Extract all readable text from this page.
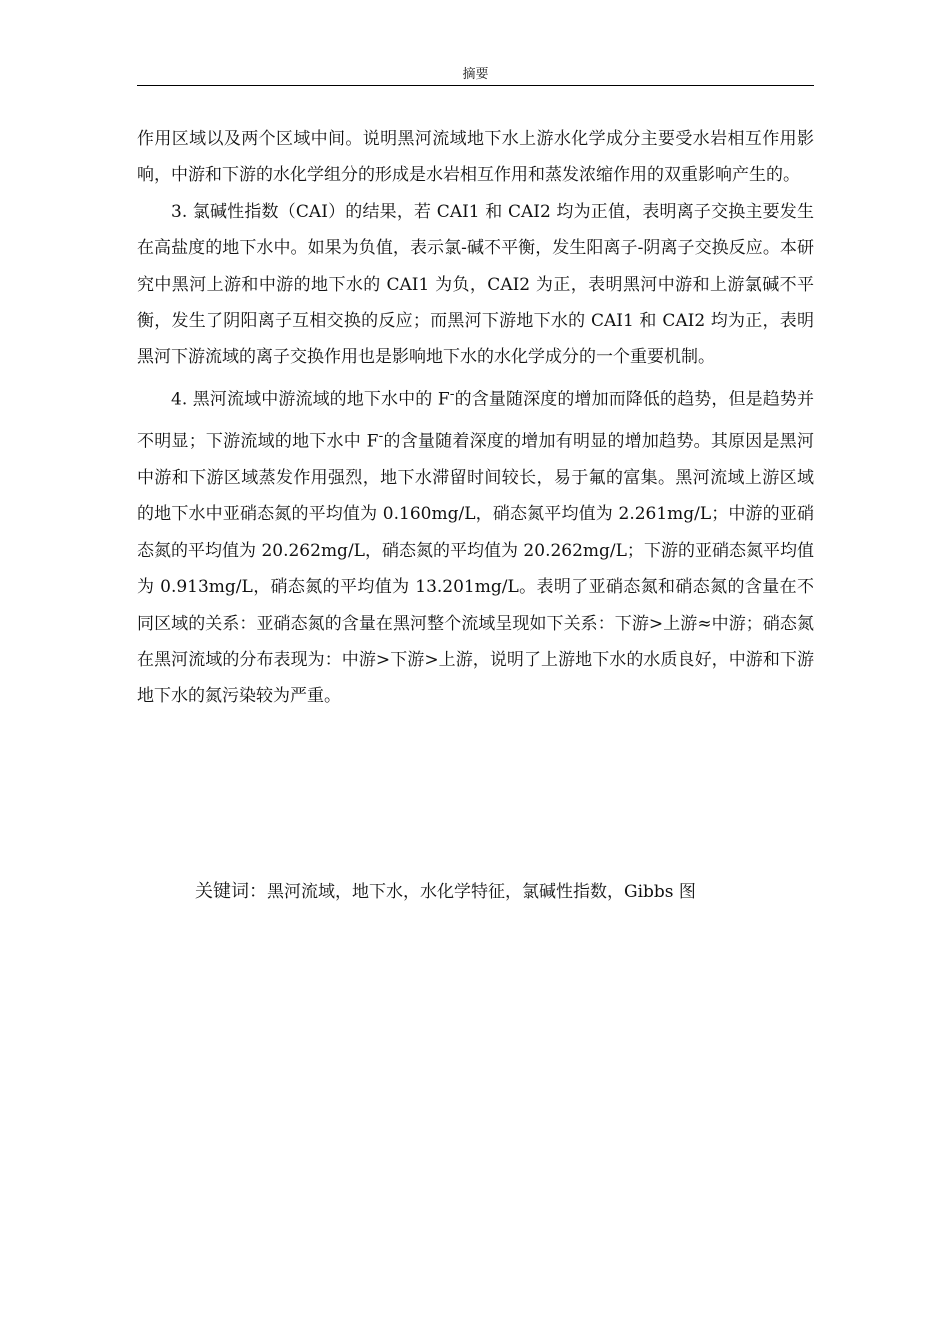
摘要

作用区域以及两个区域中间。说明黑河流域地下水上游水化学成分主要受水岩相互作用影响，中游和下游的水化学组分的形成是水岩相互作用和蒸发浓缩作用的双重影响产生的。

3. 氯碱性指数（CAI）的结果，若 CAI1 和 CAI2 均为正值，表明离子交换主要发生在高盐度的地下水中。如果为负值，表示氯-碱不平衡，发生阳离子-阴离子交换反应。本研究中黑河上游和中游的地下水的 CAI1 为负，CAI2 为正，表明黑河中游和上游氯碱不平衡，发生了阴阳离子互相交换的反应；而黑河下游地下水的 CAI1 和 CAI2 均为正，表明黑河下游流域的离子交换作用也是影响地下水的水化学成分的一个重要机制。

4. 黑河流域中游流域的地下水中的 F-的含量随深度的增加而降低的趋势，但是趋势并不明显；下游流域的地下水中 F-的含量随着深度的增加有明显的增加趋势。其原因是黑河中游和下游区域蒸发作用强烈，地下水滞留时间较长，易于氟的富集。黑河流域上游区域的地下水中亚硝态氮的平均值为 0.160mg/L，硝态氮平均值为 2.261mg/L；中游的亚硝态氮的平均值为 20.262mg/L，硝态氮的平均值为 20.262mg/L；下游的亚硝态氮平均值为 0.913mg/L，硝态氮的平均值为 13.201mg/L。表明了亚硝态氮和硝态氮的含量在不同区域的关系：亚硝态氮的含量在黑河整个流域呈现如下关系：下游>上游≈中游；硝态氮在黑河流域的分布表现为：中游>下游>上游，说明了上游地下水的水质良好，中游和下游地下水的氮污染较为严重。

关键词：黑河流域，地下水，水化学特征，氯碱性指数，Gibbs 图
